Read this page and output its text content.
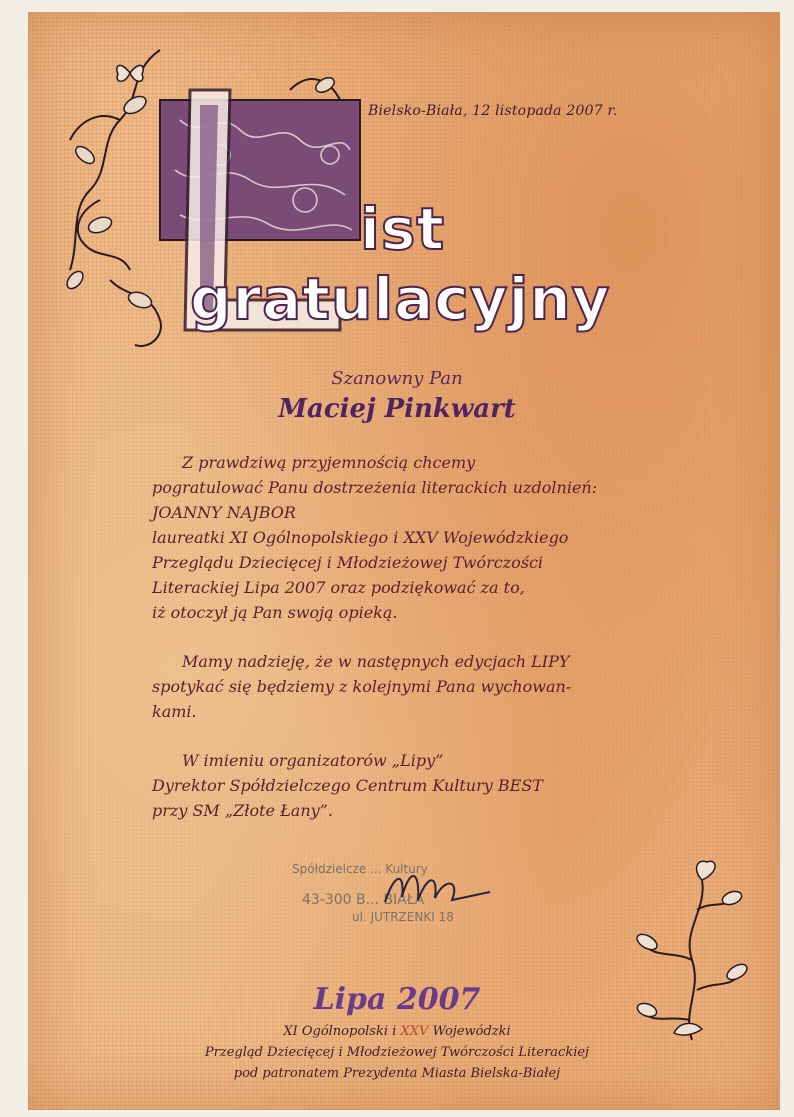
Bielsko-Biała, 12 listopada 2007 r.
ist
gratulacyjny
Szanowny Pan
Maciej Pinkwart

Z prawdziwą przyjemnością chcemy
pogratulować Panu dostrzeżenia literackich uzdolnień:
JOANNY NAJBOR
laureatki XI Ogólnopolskiego i XXV Wojewódzkiego
Przeglądu Dziecięcej i Młodzieżowej Twórczości
Literackiej Lipa 2007 oraz podziękować za to,
iż otoczył ją Pan swoją opieką.

Mamy nadzieję, że w następnych edycjach LIPY
spotykać się będziemy z kolejnymi Pana wychowan-
kami.

W imieniu organizatorów „Lipy”
Dyrektor Spółdzielczego Centrum Kultury BEST
przy SM „Złote Łany”.

Spółdzielcze ... Kultury
43-300 B... BIAŁA
ul. JUTRZENKI 18
Lipa 2007
XI Ogólnopolski i XXV Wojewódzki
Przegląd Dziecięcej i Młodzieżowej Twórczości Literackiej
pod patronatem Prezydenta Miasta Bielska-Białej
